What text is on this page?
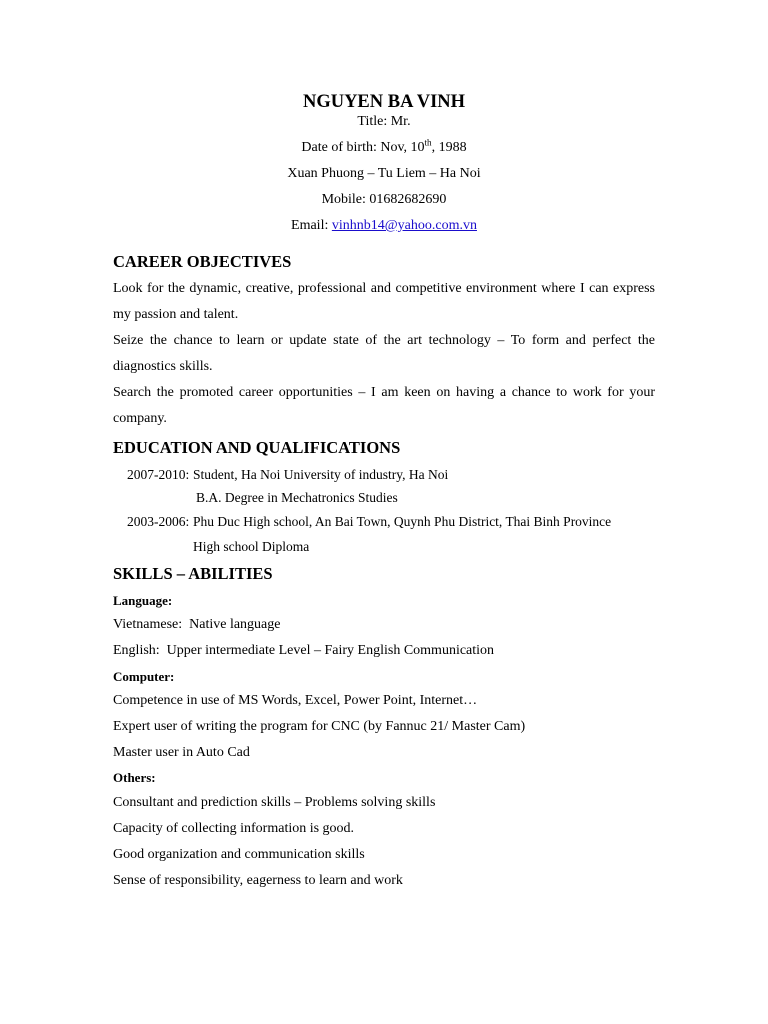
NGUYEN BA VINH
Title: Mr.
Date of birth: Nov, 10th, 1988
Xuan Phuong – Tu Liem – Ha Noi
Mobile: 01682682690
Email: vinhnb14@yahoo.com.vn
CAREER OBJECTIVES
Look for the dynamic, creative, professional and competitive environment where I can express my passion and talent.
Seize the chance to learn or update state of the art technology – To form and perfect the diagnostics skills.
Search the promoted career opportunities – I am keen on having a chance to work for your company.
EDUCATION AND QUALIFICATIONS
2007-2010: Student, Ha Noi University of industry, Ha Noi
B.A. Degree in Mechatronics Studies
2003-2006: Phu Duc High school, An Bai Town, Quynh Phu District, Thai Binh Province
High school Diploma
SKILLS – ABILITIES
Language:
Vietnamese:  Native language
English:  Upper intermediate Level – Fairy English Communication
Computer:
Competence in use of MS Words, Excel, Power Point, Internet…
Expert user of writing the program for CNC (by Fannuc 21/ Master Cam)
Master user in Auto Cad
Others:
Consultant and prediction skills – Problems solving skills
Capacity of collecting information is good.
Good organization and communication skills
Sense of responsibility, eagerness to learn and work
